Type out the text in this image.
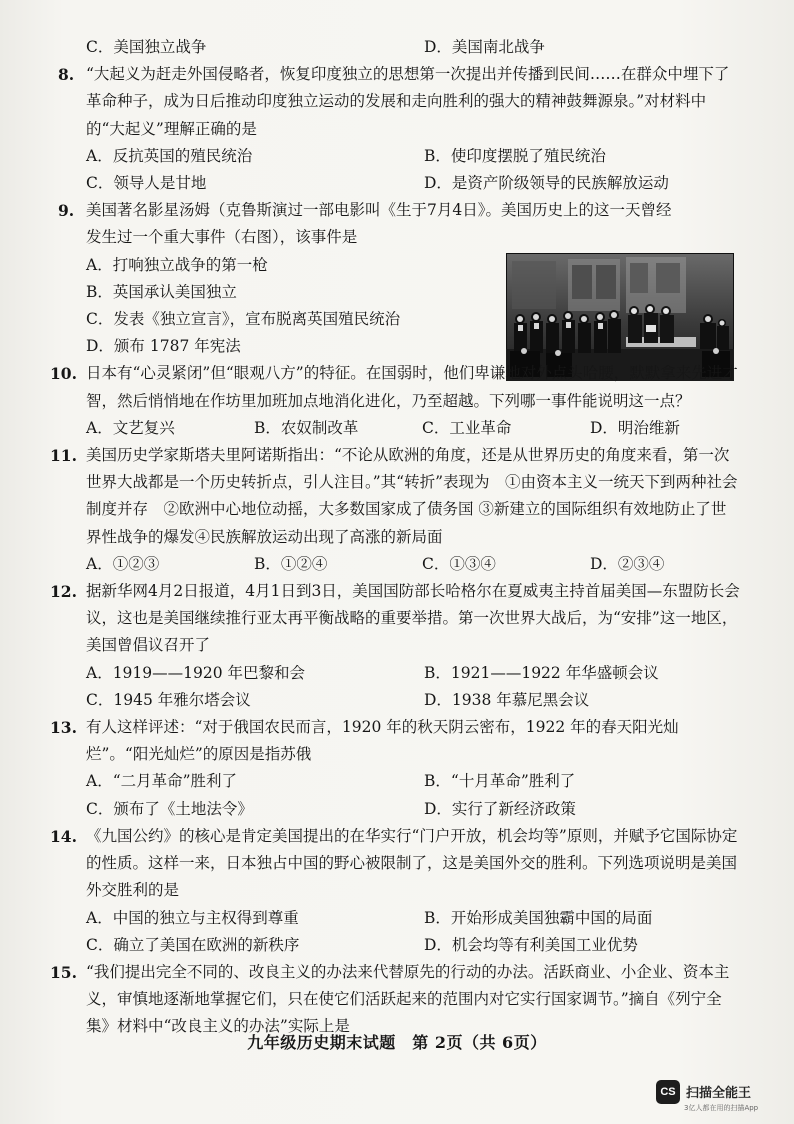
C．美国独立战争	D．美国南北战争
8. “大起义为赶走外国侵略者，恢复印度独立的思想第一次提出并传播到民间……在群众中埋下了革命种子，成为日后推动印度独立运动的发展和走向胜利的强大的精神鼓舞源泉。”对材料中的“大起义”理解正确的是
A．反抗英国的殖民统治	B．使印度摆脱了殖民统治
C．领导人是甘地	D．是资产阶级领导的民族解放运动
9. 美国著名影星汤姆（克鲁斯演过一部电影叫《生于7月4日》。美国历史上的这一天曾经
发生过一个重大事件（右图），该事件是
A．打响独立战争的第一枪
B．英国承认美国独立
C．发表《独立宣言》，宣布脱离英国殖民统治
D．颁布 1787 年宪法
10. 日本有“心灵紧闭”但“眼观八方”的特征。在国弱时，他们卑谦地对外点头哈腰，默默拿来先进才智，然后悄悄地在作坊里加班加点地消化进化，乃至超越。下列哪一事件能说明这一点？
A．文艺复兴	B．农奴制改革	C．工业革命	D．明治维新
11. 美国历史学家斯塔夫里阿诺斯指出：“不论从欧洲的角度，还是从世界历史的角度来看，第一次世界大战都是一个历史转折点，引人注目。”其“转折”表现为　①由资本主义一统天下到两种社会制度并存　②欧洲中心地位动摇，大多数国家成了债务国 ③新建立的国际组织有效地防止了世界性战争的爆发④民族解放运动出现了高涨的新局面
A．①②③	B．①②④	C．①③④	D．②③④
12. 据新华网4月2日报道，4月1日到3日，美国国防部长哈格尔在夏威夷主持首届美国—东盟防长会议，这也是美国继续推行亚太再平衡战略的重要举措。第一次世界大战后，为“安排”这一地区，美国曾倡议召开了
A．1919——1920 年巴黎和会	B．1921——1922 年华盛顿会议
C．1945 年雅尔塔会议	D．1938 年慕尼黑会议
13. 有人这样评述：“对于俄国农民而言，1920 年的秋天阴云密布，1922 年的春天阳光灿烂”。“阳光灿烂”的原因是指苏俄
A．“二月革命”胜利了	B．“十月革命”胜利了
C．颁布了《土地法令》	D．实行了新经济政策
14. 《九国公约》的核心是肯定美国提出的在华实行“门户开放，机会均等”原则，并赋予它国际协定的性质。这样一来，日本独占中国的野心被限制了，这是美国外交的胜利。下列选项说明是美国外交胜利的是
A．中国的独立与主权得到尊重	B．开始形成美国独霸中国的局面
C．确立了美国在欧洲的新秩序	D．机会均等有利美国工业优势
15. “我们提出完全不同的、改良主义的办法来代替原先的行动的办法。活跃商业、小企业、资本主义，审慎地逐渐地掌握它们，只在使它们活跃起来的范围内对它实行国家调节。”摘自《列宁全集》材料中“改良主义的办法”实际上是
九年级历史期末试题　第 2页（共 6页）
CS 扫描全能王
3亿人都在用的扫描App
